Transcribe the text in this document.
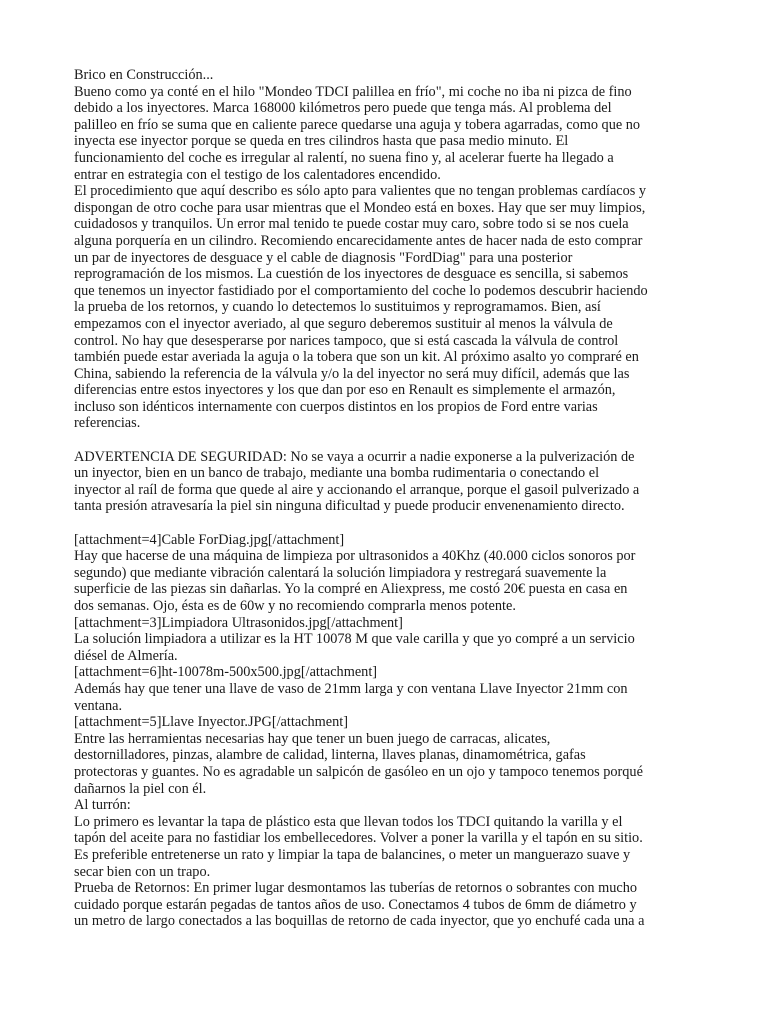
Brico en Construcción...
Bueno como ya conté en el hilo "Mondeo TDCI palillea en frío", mi coche no iba ni pizca de fino
debido a los inyectores. Marca 168000 kilómetros pero puede que tenga más. Al problema del
palilleo en frío se suma que en caliente parece quedarse una aguja y tobera agarradas, como que no
inyecta ese inyector porque se queda en tres cilindros hasta que pasa medio minuto. El
funcionamiento del coche es irregular al ralentí, no suena fino y, al acelerar fuerte ha llegado a
entrar en estrategia con el testigo de los calentadores encendido.
El procedimiento que aquí describo es sólo apto para valientes que no tengan problemas cardíacos y
dispongan de otro coche para usar mientras que el Mondeo está en boxes. Hay que ser muy limpios,
cuidadosos y tranquilos. Un error mal tenido te puede costar muy caro, sobre todo si se nos cuela
alguna porquería en un cilindro. Recomiendo encarecidamente antes de hacer nada de esto comprar
un par de inyectores de desguace y el cable de diagnosis "FordDiag" para una posterior
reprogramación de los mismos. La cuestión de los inyectores de desguace es sencilla, si sabemos
que tenemos un inyector fastidiado por el comportamiento del coche lo podemos descubrir haciendo
la prueba de los retornos, y cuando lo detectemos lo sustituimos y reprogramamos. Bien, así
empezamos con el inyector averiado, al que seguro deberemos sustituir al menos la válvula de
control. No hay que desesperarse por narices tampoco, que si está cascada la válvula de control
también puede estar averiada la aguja o la tobera que son un kit. Al próximo asalto yo compraré en
China, sabiendo la referencia de la válvula y/o la del inyector no será muy difícil, además que las
diferencias entre estos inyectores y los que dan por eso en Renault es simplemente el armazón,
incluso son idénticos internamente con cuerpos distintos en los propios de Ford entre varias
referencias.
ADVERTENCIA DE SEGURIDAD: No se vaya a ocurrir a nadie exponerse a la pulverización de
un inyector, bien en un banco de trabajo, mediante una bomba rudimentaria o conectando el
inyector al raíl de forma que quede al aire y accionando el arranque, porque el gasoil pulverizado a
tanta presión atravesaría la piel sin ninguna dificultad y puede producir envenenamiento directo.
[attachment=4]Cable ForDiag.jpg[/attachment]
Hay que hacerse de una máquina de limpieza por ultrasonidos a 40Khz (40.000 ciclos sonoros por
segundo) que mediante vibración calentará la solución limpiadora y restregará suavemente la
superficie de las piezas sin dañarlas. Yo la compré en Aliexpress, me costó 20€ puesta en casa en
dos semanas. Ojo, ésta es de 60w y no recomiendo comprarla menos potente.
[attachment=3]Limpiadora Ultrasonidos.jpg[/attachment]
La solución limpiadora a utilizar es la HT 10078 M que vale carilla y que yo compré a un servicio
diésel de Almería.
[attachment=6]ht-10078m-500x500.jpg[/attachment]
Además hay que tener una llave de vaso de 21mm larga y con ventana Llave Inyector 21mm con
ventana.
[attachment=5]Llave Inyector.JPG[/attachment]
Entre las herramientas necesarias hay que tener un buen juego de carracas, alicates,
destornilladores, pinzas, alambre de calidad, linterna, llaves planas, dinamométrica, gafas
protectoras y guantes. No es agradable un salpicón de gasóleo en un ojo y tampoco tenemos porqué
dañarnos la piel con él.
Al turrón:
Lo primero es levantar la tapa de plástico esta que llevan todos los TDCI quitando la varilla y el
tapón del aceite para no fastidiar los embellecedores. Volver a poner la varilla y el tapón en su sitio.
Es preferible entretenerse un rato y limpiar la tapa de balancines, o meter un manguerazo suave y
secar bien con un trapo.
Prueba de Retornos: En primer lugar desmontamos las tuberías de retornos o sobrantes con mucho
cuidado porque estarán pegadas de tantos años de uso. Conectamos 4 tubos de 6mm de diámetro y
un metro de largo conectados a las boquillas de retorno de cada inyector, que yo enchufé cada una a
